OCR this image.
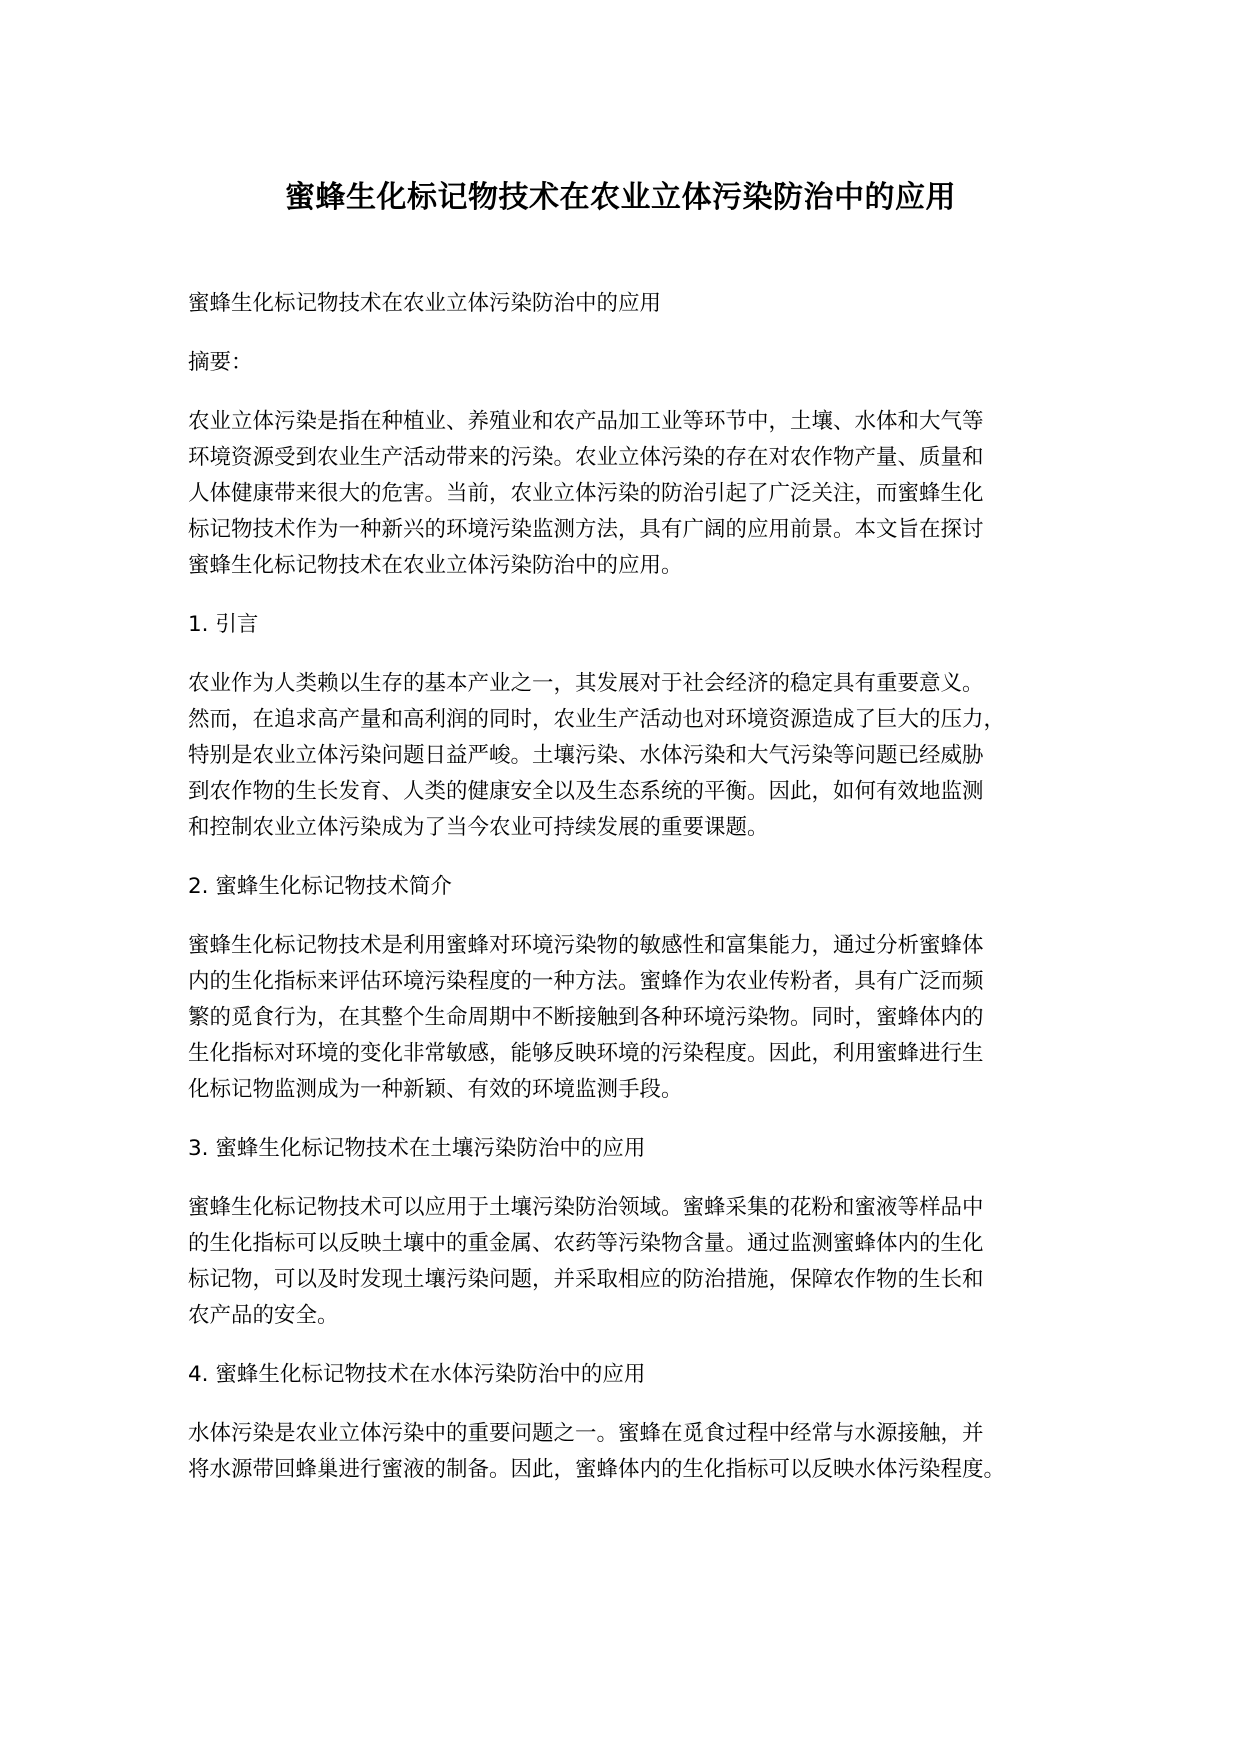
蜜蜂生化标记物技术在农业立体污染防治中的应用

蜜蜂生化标记物技术在农业立体污染防治中的应用

摘要：

农业立体污染是指在种植业、养殖业和农产品加工业等环节中，土壤、水体和大气等
环境资源受到农业生产活动带来的污染。农业立体污染的存在对农作物产量、质量和
人体健康带来很大的危害。当前，农业立体污染的防治引起了广泛关注，而蜜蜂生化
标记物技术作为一种新兴的环境污染监测方法，具有广阔的应用前景。本文旨在探讨
蜜蜂生化标记物技术在农业立体污染防治中的应用。

1. 引言

农业作为人类赖以生存的基本产业之一，其发展对于社会经济的稳定具有重要意义。
然而，在追求高产量和高利润的同时，农业生产活动也对环境资源造成了巨大的压力，
特别是农业立体污染问题日益严峻。土壤污染、水体污染和大气污染等问题已经威胁
到农作物的生长发育、人类的健康安全以及生态系统的平衡。因此，如何有效地监测
和控制农业立体污染成为了当今农业可持续发展的重要课题。

2. 蜜蜂生化标记物技术简介

蜜蜂生化标记物技术是利用蜜蜂对环境污染物的敏感性和富集能力，通过分析蜜蜂体
内的生化指标来评估环境污染程度的一种方法。蜜蜂作为农业传粉者，具有广泛而频
繁的觅食行为，在其整个生命周期中不断接触到各种环境污染物。同时，蜜蜂体内的
生化指标对环境的变化非常敏感，能够反映环境的污染程度。因此，利用蜜蜂进行生
化标记物监测成为一种新颖、有效的环境监测手段。

3. 蜜蜂生化标记物技术在土壤污染防治中的应用

蜜蜂生化标记物技术可以应用于土壤污染防治领域。蜜蜂采集的花粉和蜜液等样品中
的生化指标可以反映土壤中的重金属、农药等污染物含量。通过监测蜜蜂体内的生化
标记物，可以及时发现土壤污染问题，并采取相应的防治措施，保障农作物的生长和
农产品的安全。

4. 蜜蜂生化标记物技术在水体污染防治中的应用

水体污染是农业立体污染中的重要问题之一。蜜蜂在觅食过程中经常与水源接触，并
将水源带回蜂巢进行蜜液的制备。因此，蜜蜂体内的生化指标可以反映水体污染程度。
